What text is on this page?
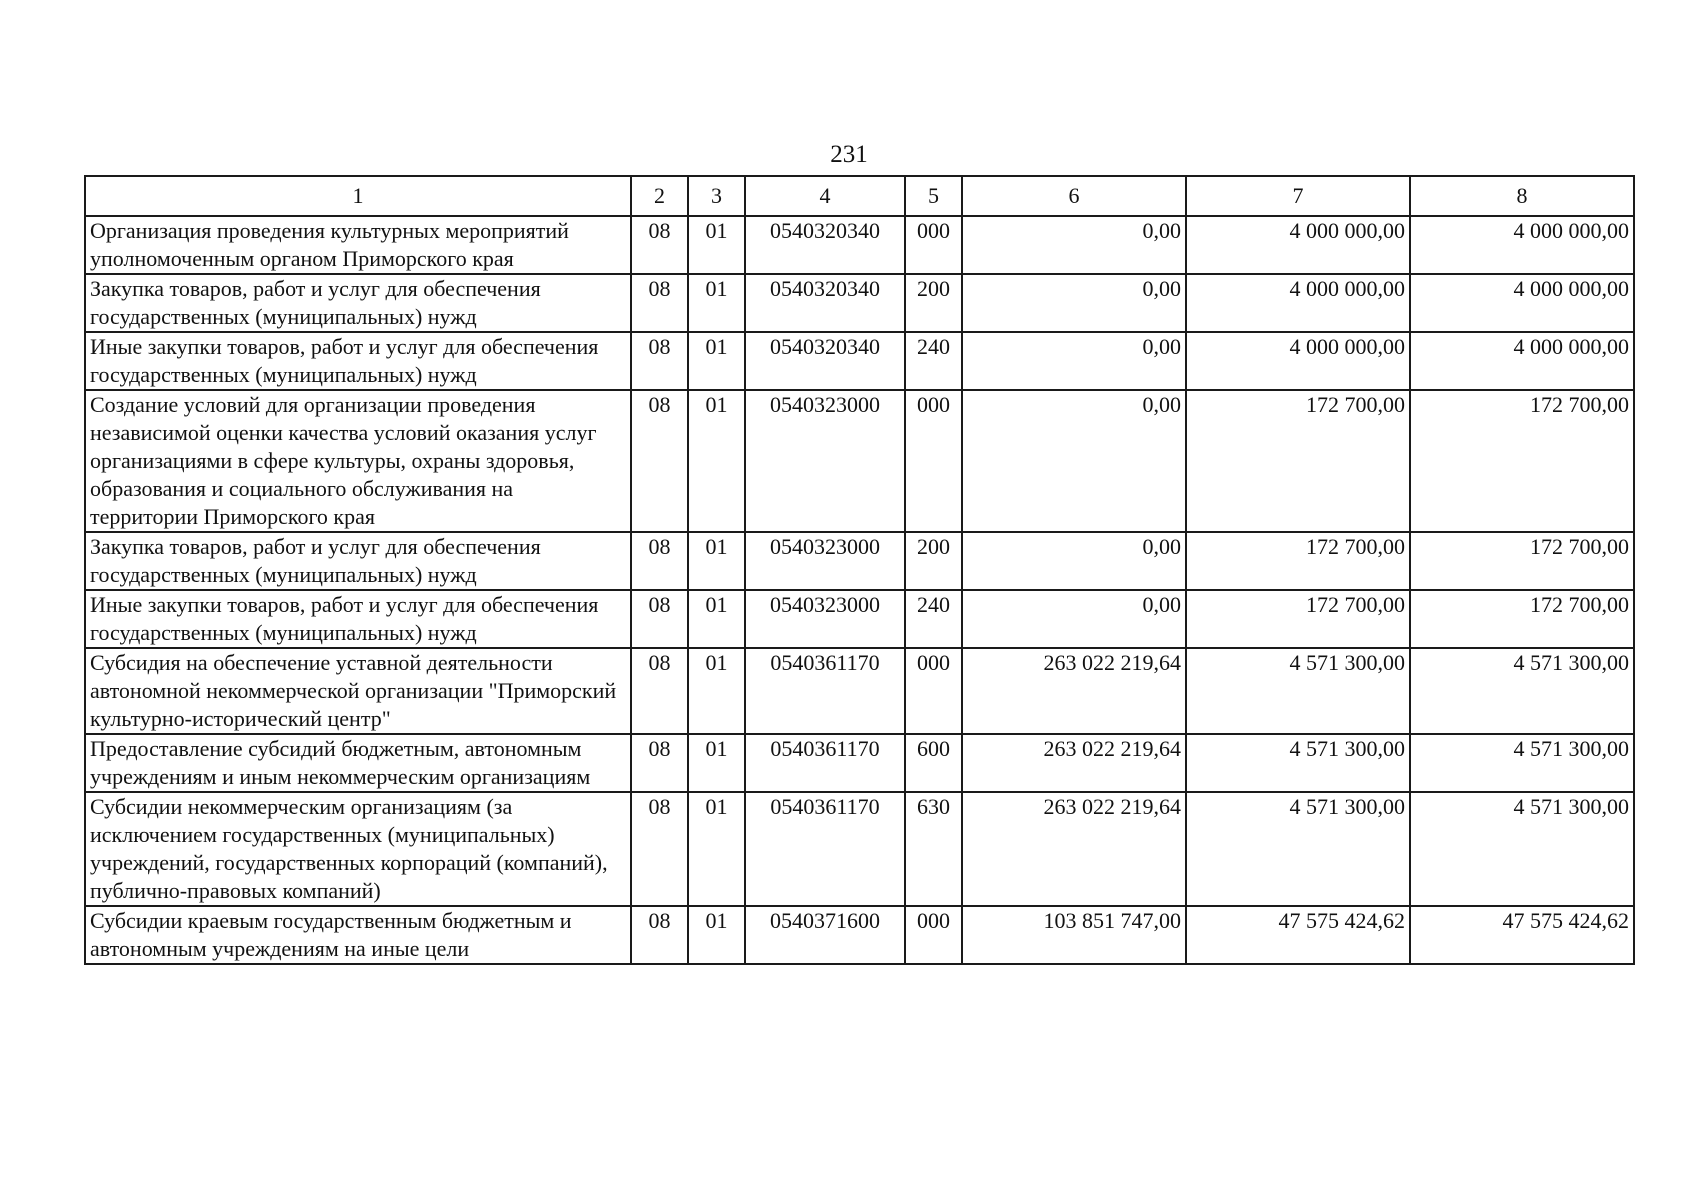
231
1	2	3	4	5	6	7	8
Организация проведения культурных мероприятий уполномоченным органом Приморского края	08	01	0540320340	000	0,00	4 000 000,00	4 000 000,00
Закупка товаров, работ и услуг для обеспечения государственных (муниципальных) нужд	08	01	0540320340	200	0,00	4 000 000,00	4 000 000,00
Иные закупки товаров, работ и услуг для обеспечения государственных (муниципальных) нужд	08	01	0540320340	240	0,00	4 000 000,00	4 000 000,00
Создание условий для организации проведения независимой оценки качества условий оказания услуг организациями в сфере культуры, охраны здоровья, образования и социального обслуживания на территории Приморского края	08	01	0540323000	000	0,00	172 700,00	172 700,00
Закупка товаров, работ и услуг для обеспечения государственных (муниципальных) нужд	08	01	0540323000	200	0,00	172 700,00	172 700,00
Иные закупки товаров, работ и услуг для обеспечения государственных (муниципальных) нужд	08	01	0540323000	240	0,00	172 700,00	172 700,00
Субсидия на обеспечение уставной деятельности автономной некоммерческой организации "Приморский культурно-исторический центр"	08	01	0540361170	000	263 022 219,64	4 571 300,00	4 571 300,00
Предоставление субсидий бюджетным, автономным учреждениям и иным некоммерческим организациям	08	01	0540361170	600	263 022 219,64	4 571 300,00	4 571 300,00
Субсидии некоммерческим организациям (за исключением государственных (муниципальных) учреждений, государственных корпораций (компаний), публично-правовых компаний)	08	01	0540361170	630	263 022 219,64	4 571 300,00	4 571 300,00
Субсидии краевым государственным бюджетным и автономным учреждениям на иные цели	08	01	0540371600	000	103 851 747,00	47 575 424,62	47 575 424,62
